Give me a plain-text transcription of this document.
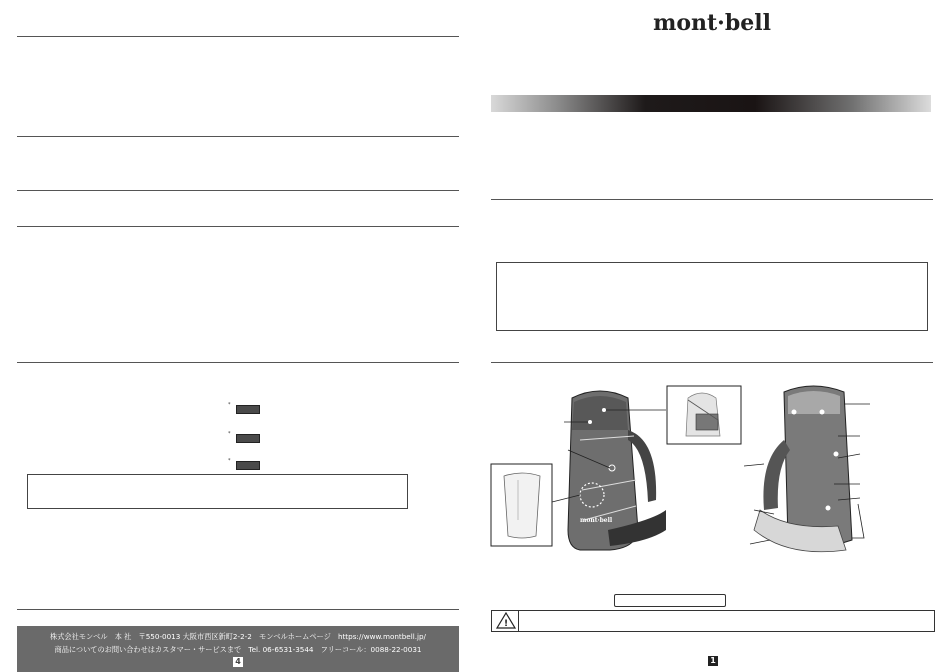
mont·bell
*
*
*
株式会社モンベル　本 社　〒550-0013 大阪市西区新町2-2-2　モンベルホームページ　https://www.montbell.jp/
商品についてのお問い合わせはカスタマー・サービスまで　Tel. 06-6531-3544　フリーコール：0088-22-0031
4
mont·bell
!
1
